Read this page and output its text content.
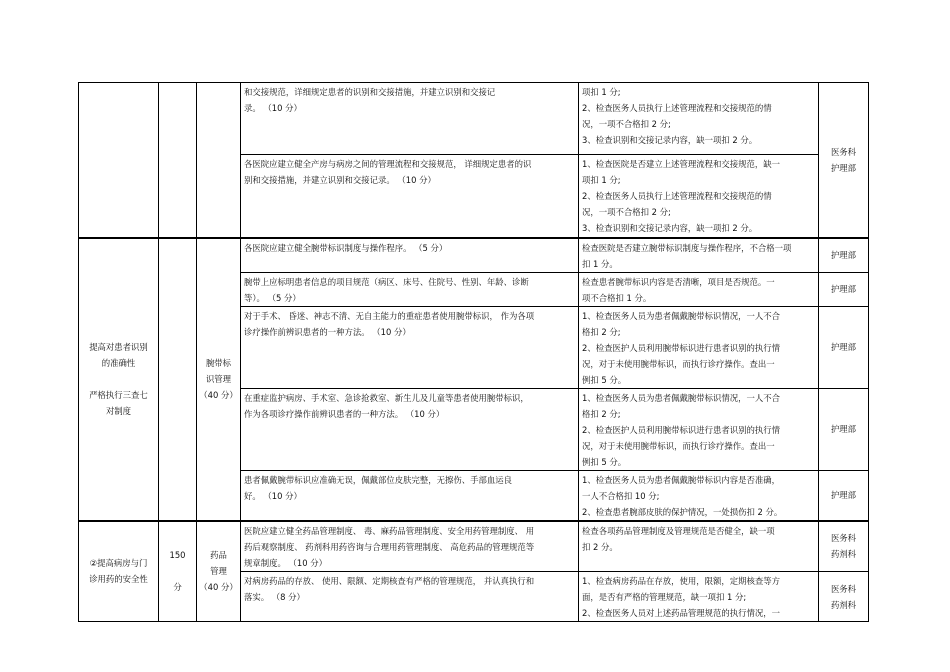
			和交接规范，详细规定患者的识别和交接措施，并建立识别和交接记
录。 （10 分）	项扣 1 分;
2、检查医务人员执行上述管理流程和交接规范的情
况，一项不合格扣 2 分;
3、检查识别和交接记录内容，缺一项扣 2 分。	医务科
护理部

			各医院应建立健全产房与病房之间的管理流程和交接规范， 详细规定患者的识
别和交接措施，并建立识别和交接记录。 （10 分）	1、检查医院是否建立上述管理流程和交接规范，缺一
项扣 1 分;
2、检查医务人员执行上述管理流程和交接规范的情
况，一项不合格扣 2 分;
3、检查识别和交接记录内容，缺一项扣 2 分。	

提高对患者识别
的准确性

严格执行三查七
对制度		腕带标
识管理
（40 分）	各医院应建立健全腕带标识制度与操作程序。 （5 分）	检查医院是否建立腕带标识制度与操作程序，不合格一项
扣 1 分。	护理部

			腕带上应标明患者信息的项目规范（病区、床号、住院号、性别、年龄、诊断
等）。 （5 分）	检查患者腕带标识内容是否清晰，项目是否规范。一
项不合格扣 1 分。	护理部

			对于手术、 昏迷、神志不清、无自主能力的重症患者使用腕带标识， 作为各项
诊疗操作前辨识患者的一种方法。 （10 分）	1、检查医务人员为患者佩戴腕带标识情况，一人不合
格扣 2 分;
2、检查医护人员利用腕带标识进行患者识别的执行情
况，对于未使用腕带标识，而执行诊疗操作。查出一
例扣 5 分。	护理部

			在重症监护病房、手术室、急诊抢救室、新生儿及儿童等患者使用腕带标识，
作为各项诊疗操作前辨识患者的一种方法。 （10 分）	1、检查医务人员为患者佩戴腕带标识情况，一人不合
格扣 2 分;
2、检查医护人员利用腕带标识进行患者识别的执行情
况，对于未使用腕带标识，而执行诊疗操作。查出一
例扣 5 分。	护理部

			患者佩戴腕带标识应准确无误，佩戴部位皮肤完整，无擦伤、手部血运良
好。 （10 分）	1、检查医务人员为患者佩戴腕带标识内容是否准确，
一人不合格扣 10 分;
2、检查患者腕部皮肤的保护情况，一处损伤扣 2 分。	护理部

②提高病房与门
诊用药的安全性	150

分	药品
管理
（40 分）	医院应建立健全药品管理制度、 毒、麻药品管理制度、安全用药管理制度、 用
药后观察制度、 药剂科用药咨询与合理用药管理制度、 高危药品的管理规范等
规章制度。 （10 分）	检查各项药品管理制度及管理规范是否健全，缺一项
扣 2 分。	医务科
药剂科

			对病房药品的存放、 使用、限额、定期核查有严格的管理规范， 并认真执行和
落实。 （8 分）	1、检查病房药品在存放，使用，限额，定期核查等方
面，是否有严格的管理规范，缺一项扣 1 分;
2、检查医务人员对上述药品管理规范的执行情况，一	医务科
药剂科
